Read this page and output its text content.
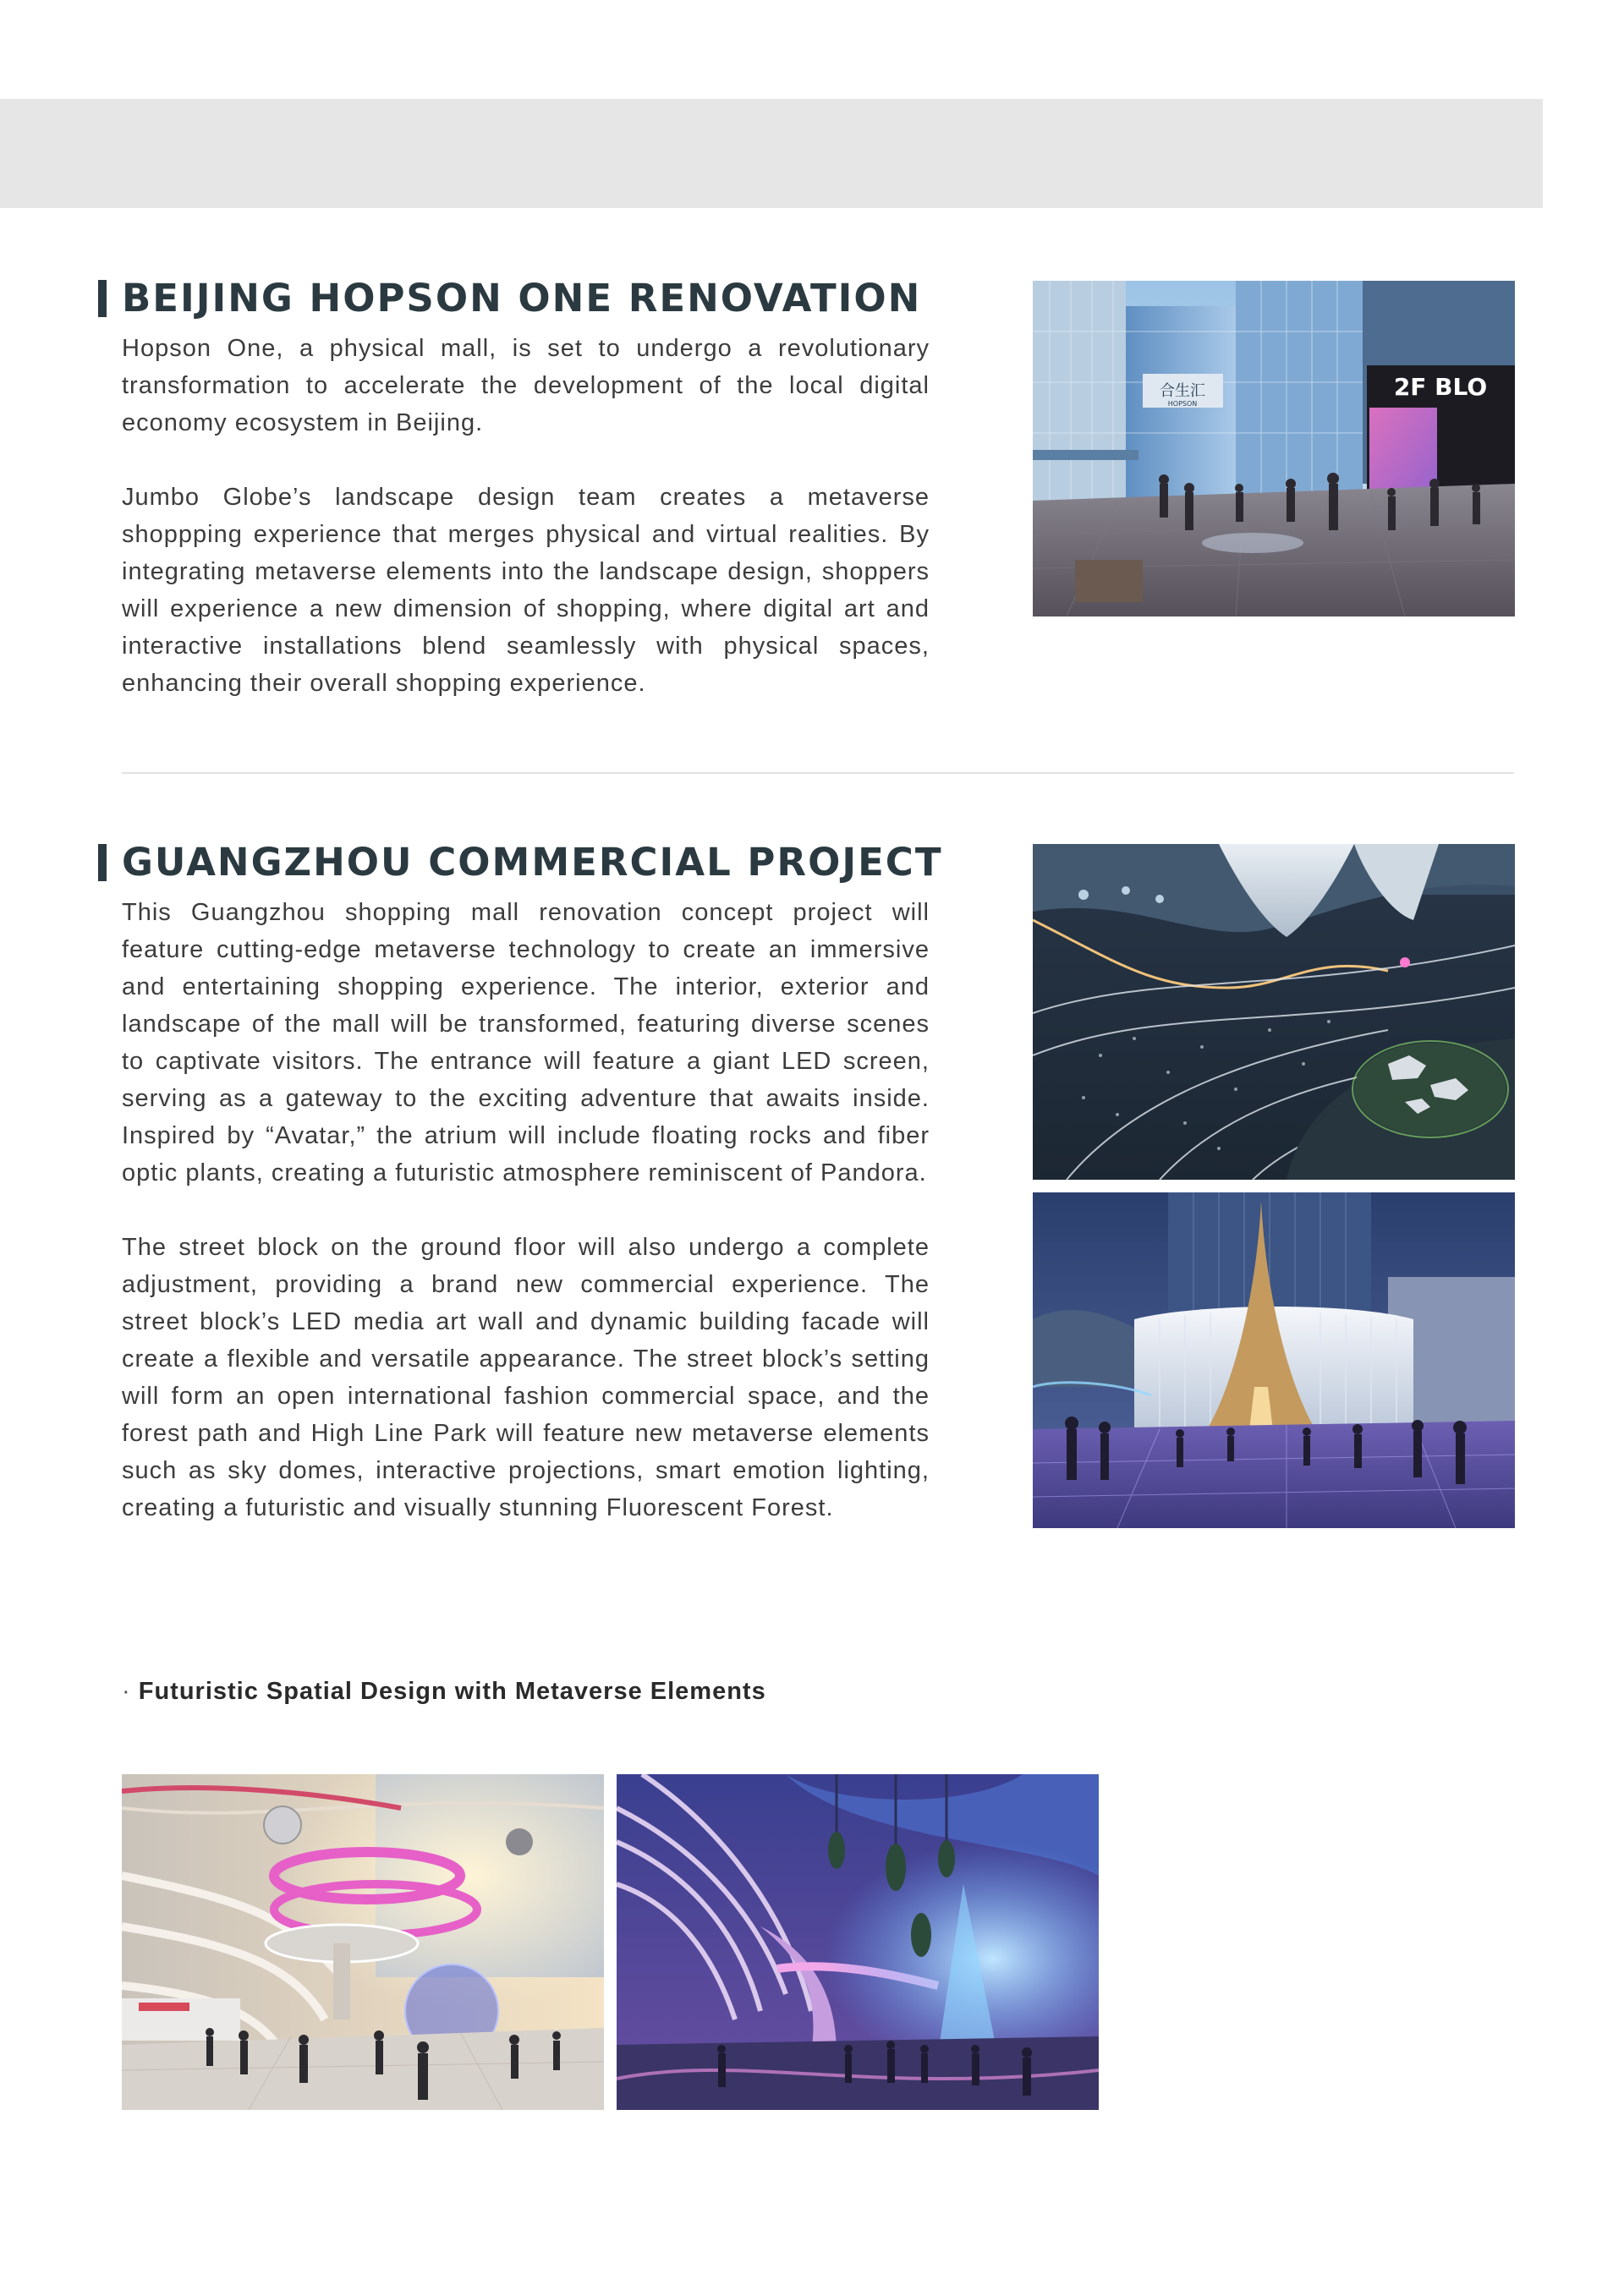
BEIJING HOPSON ONE RENOVATION

Hopson One, a physical mall, is set to undergo a revolutionary transformation to accelerate the development of the local digital economy ecosystem in Beijing.

Jumbo Globe’s landscape design team creates a metaverse shoppping experience that merges physical and virtual realities. By integrating metaverse elements into the landscape design, shoppers will experience a new dimension of shopping, where digital art and interactive installations blend seamlessly with physical spaces, enhancing their overall shopping experience.

合生汇
HOPSON
2F BLO
GUANGZHOU COMMERCIAL PROJECT

This Guangzhou shopping mall renovation concept project will feature cutting-edge metaverse technology to create an immersive and entertaining shopping experience. The interior, exterior and landscape of the mall will be transformed, featuring diverse scenes to captivate visitors. The entrance will feature a giant LED screen, serving as a gateway to the exciting adventure that awaits inside. Inspired by “Avatar,” the atrium will include floating rocks and fiber optic plants, creating a futuristic atmosphere reminiscent of Pandora.

The street block on the ground floor will also undergo a complete adjustment, providing a brand new commercial experience. The street block’s LED media art wall and dynamic building facade will create a flexible and versatile appearance. The street block’s setting will form an open international fashion commercial space, and the forest path and High Line Park will feature new metaverse elements such as sky domes, interactive projections, smart emotion lighting, creating a futuristic and visually stunning Fluorescent Forest.

· Futuristic Spatial Design with Metaverse Elements
